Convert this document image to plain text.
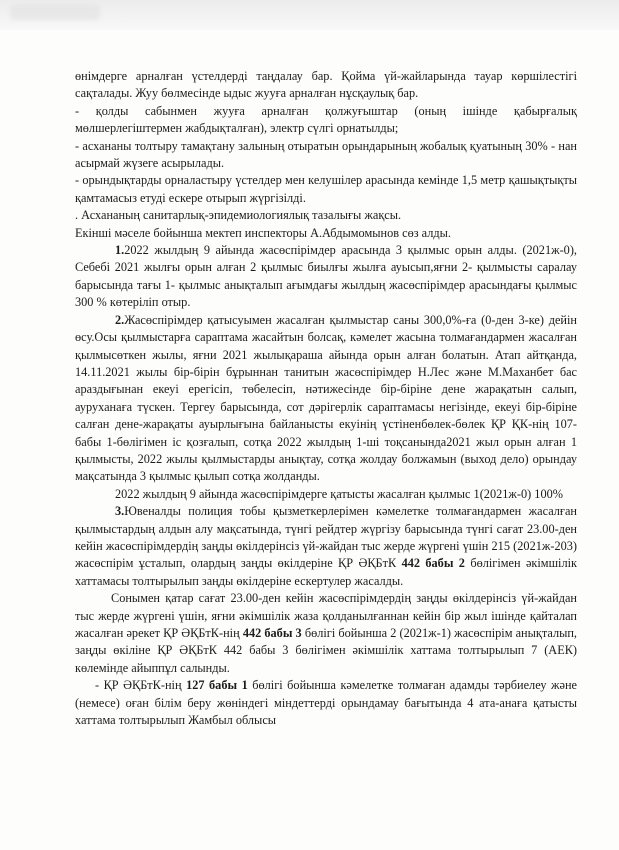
өнімдерге арналған үстелдерді таңдалау бар. Қойма үй-жайларында тауар көршілестігі сақталады. Жуу бөлмесінде ыдыс жууға арналған нұсқаулық бар.

- қолды сабынмен жууға арналған қолжуғыштар (оның ішінде қабырғалық мөлшерлегіштермен жабдықталған), электр сүлгі орнатылды;

- асхананы толтыру тамақтану залының отыратын орындарының жобалық қуатының 30% - нан асырмай жүзеге асырылады.

- орындықтарды орналастыру үстелдер мен келушілер арасында кемінде 1,5 метр қашықтықты қамтамасыз етуді ескере отырып жүргізілді.

. Асхананың санитарлық-эпидемиологиялық тазалығы жақсы.

Екінші мәселе бойынша мектеп инспекторы А.Абдымомынов сөз алды.

1.2022 жылдың 9 айында жасөспірімдер арасында 3 қылмыс орын алды. (2021ж-0), Себебі 2021 жылғы орын алған 2 қылмыс биылғы жылға ауысып,яғни 2- қылмысты саралау барысында тағы 1- қылмыс анықталып ағымдағы жылдың жасөспірімдер арасындағы қылмыс 300 % көтеріліп отыр.

2.Жасөспірімдер қатысуымен жасалған қылмыстар саны 300,0%-ға (0-ден 3-ке) дейін өсу.Осы қылмыстарға сараптама жасайтын болсақ, кәмелет жасына толмағандармен жасалған қылмысөткен жылы, яғни 2021 жылықараша айында орын алған болатын. Атап айтқанда, 14.11.2021 жылы бір-бірін бұрыннан танитын жасөспірімдер Н.Лес және М.Маханбет бас араздығынан екеуі ерегісіп, төбелесіп, нәтижесінде бір-біріне дене жарақатын салып, ауруханаға түскен. Тергеу барысында, сот дәрігерлік сараптамасы негізінде, екеуі бір-біріне салған дене-жарақаты ауырлығына байланысты екуінің үстіненбөлек-бөлек ҚР ҚК-нің 107-бабы 1-бөлігімен іс қозғалып, сотқа 2022 жылдың 1-ші тоқсанында2021 жыл орын алған 1 қылмысты, 2022 жылы қылмыстарды анықтау, сотқа жолдау болжамын (выход дело) орындау мақсатында 3 қылмыс қылып сотқа жолданды.

2022 жылдың 9 айында жасөспірімдерге қатысты жасалған қылмыс 1(2021ж-0) 100%

3.Ювеналды полиция тобы қызметкерлерімен кәмелетке толмағандармен жасалған қылмыстардың алдын алу мақсатында, түнгі рейдтер жүргізу барысында түнгі сағат 23.00-ден кейін жасөспірімдердің заңды өкілдерінсіз үй-жайдан тыс жерде жүргені үшін 215 (2021ж-203) жасөспірім ұсталып, олардың заңды өкілдеріне ҚР ӘҚБтК 442 бабы 2 бөлігімен әкімшілік хаттамасы толтырылып заңды өкілдеріне ескертулер жасалды.

Сонымен қатар сағат 23.00-ден кейін жасөспірімдердің заңды өкілдерінсіз үй-жайдан тыс жерде жүргені үшін, яғни әкімшілік жаза қолданылғаннан кейін бір жыл ішінде қайталап жасалған әрекет ҚР ӘҚБтК-нің 442 бабы 3 бөлігі бойынша 2 (2021ж-1) жасөспірім анықталып, заңды өкіліне ҚР ӘҚБтК 442 бабы 3 бөлігімен әкімшілік хаттама толтырылып 7 (АЕК) көлемінде айыппұл салынды.

- ҚР ӘҚБтК-нің 127 бабы 1 бөлігі бойынша кәмелетке толмаған адамды тәрбиелеу және (немесе) оған білім беру жөніндегі міндеттерді орындамау бағытында 4 ата-анаға қатысты хаттама толтырылып Жамбыл облысы
